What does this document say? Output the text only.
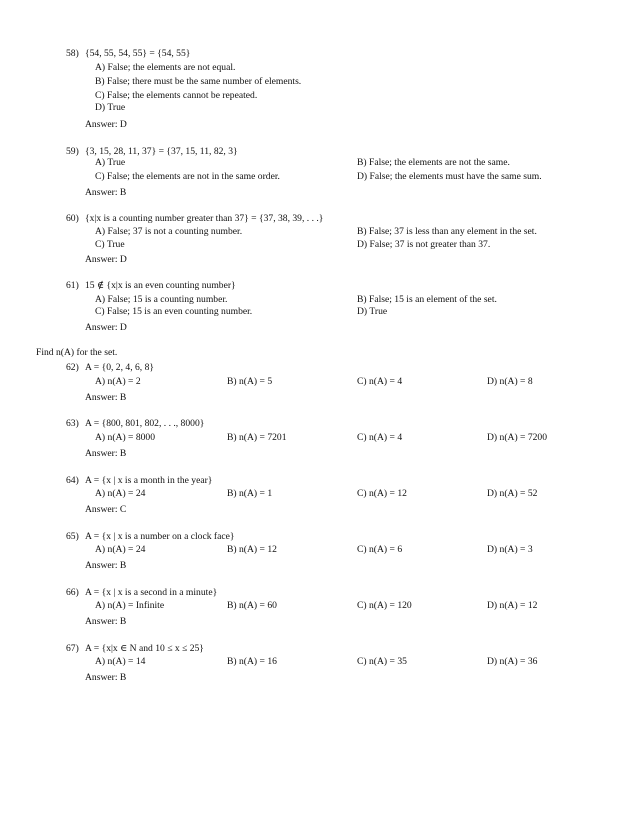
58) {54, 55, 54, 55} = {54, 55}
A) False; the elements are not equal.
B) False; there must be the same number of elements.
C) False; the elements cannot be repeated.
D) True
Answer: D
59) {3, 15, 28, 11, 37} = {37, 15, 11, 82, 3}
A) True	B) False; the elements are not the same.
C) False; the elements are not in the same order.	D) False; the elements must have the same sum.
Answer: B
60) {x|x is a counting number greater than 37} = {37, 38, 39, . . .}
A) False; 37 is not a counting number.	B) False; 37 is less than any element in the set.
C) True	D) False; 37 is not greater than 37.
Answer: D
61) 15 ∉ {x|x is an even counting number}
A) False; 15 is a counting number.	B) False; 15 is an element of the set.
C) False; 15 is an even counting number.	D) True
Answer: D
Find n(A) for the set.
62) A = {0, 2, 4, 6, 8}
A) n(A) = 2	B) n(A) = 5	C) n(A) = 4	D) n(A) = 8
Answer: B
63) A = {800, 801, 802, . . ., 8000}
A) n(A) = 8000	B) n(A) = 7201	C) n(A) = 4	D) n(A) = 7200
Answer: B
64) A = {x | x is a month in the year}
A) n(A) = 24	B) n(A) = 1	C) n(A) = 12	D) n(A) = 52
Answer: C
65) A = {x | x is a number on a clock face}
A) n(A) = 24	B) n(A) = 12	C) n(A) = 6	D) n(A) = 3
Answer: B
66) A = {x | x is a second in a minute}
A) n(A) = Infinite	B) n(A) = 60	C) n(A) = 120	D) n(A) = 12
Answer: B
67) A = {x|x ∈ N and 10 ≤ x ≤ 25}
A) n(A) = 14	B) n(A) = 16	C) n(A) = 35	D) n(A) = 36
Answer: B
